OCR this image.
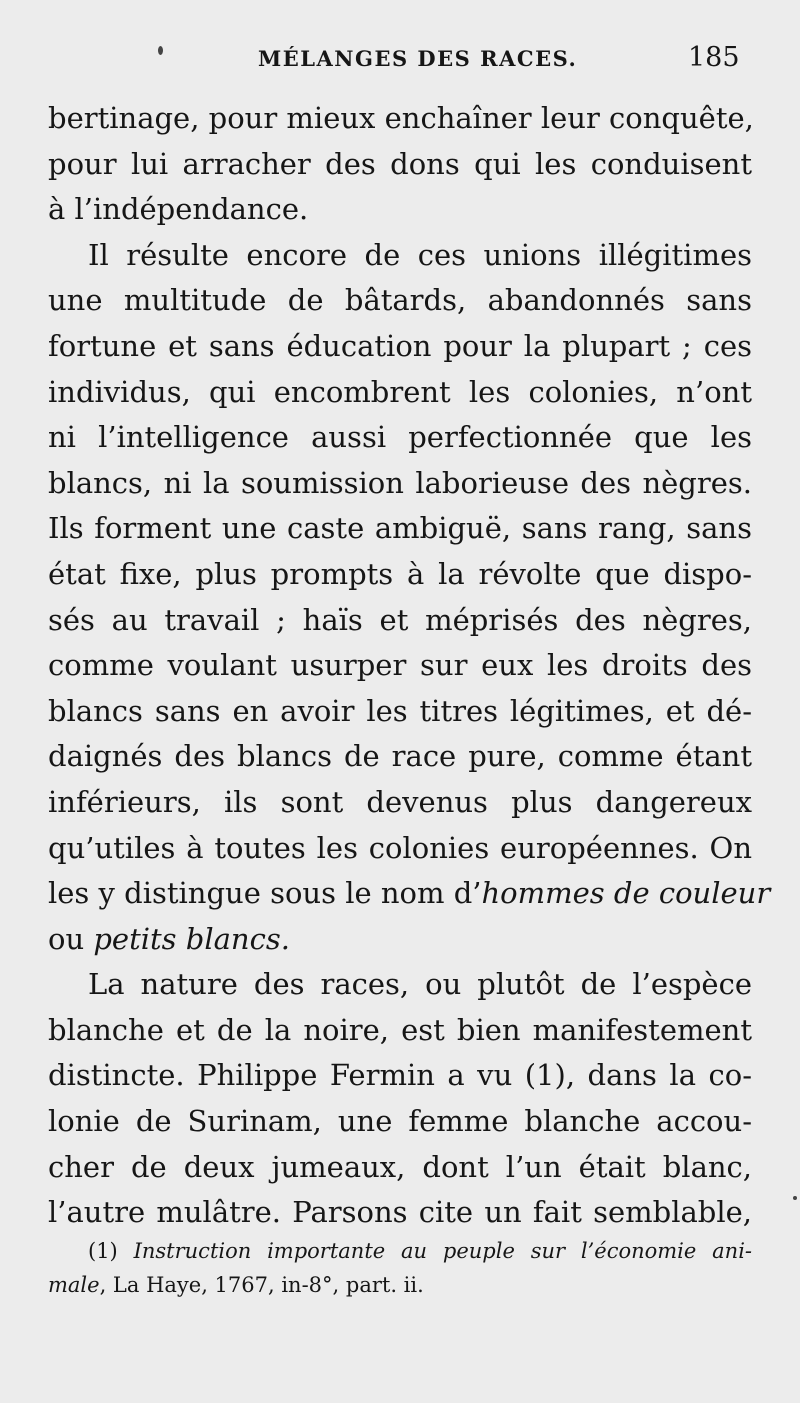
MÉLANGES DES RACES.	185
bertinage, pour mieux enchaîner leur conquête,
pour lui arracher des dons qui les conduisent
à l’indépendance.
Il résulte encore de ces unions illégitimes
une multitude de bâtards, abandonnés sans
fortune et sans éducation pour la plupart ; ces
individus, qui encombrent les colonies, n’ont
ni l’intelligence aussi perfectionnée que les
blancs, ni la soumission laborieuse des nègres.
Ils forment une caste ambiguë, sans rang, sans
état fixe, plus prompts à la révolte que dispo-
sés au travail ; haïs et méprisés des nègres,
comme voulant usurper sur eux les droits des
blancs sans en avoir les titres légitimes, et dé-
daignés des blancs de race pure, comme étant
inférieurs, ils sont devenus plus dangereux
qu’utiles à toutes les colonies européennes. On
les y distingue sous le nom d’hommes de couleur
ou petits blancs.
La nature des races, ou plutôt de l’espèce
blanche et de la noire, est bien manifestement
distincte. Philippe Fermin a vu (1), dans la co-
lonie de Surinam, une femme blanche accou-
cher de deux jumeaux, dont l’un était blanc,
l’autre mulâtre. Parsons cite un fait semblable,
(1) Instruction importante au peuple sur l’économie ani-
male, La Haye, 1767, in-8°, part. ii.
